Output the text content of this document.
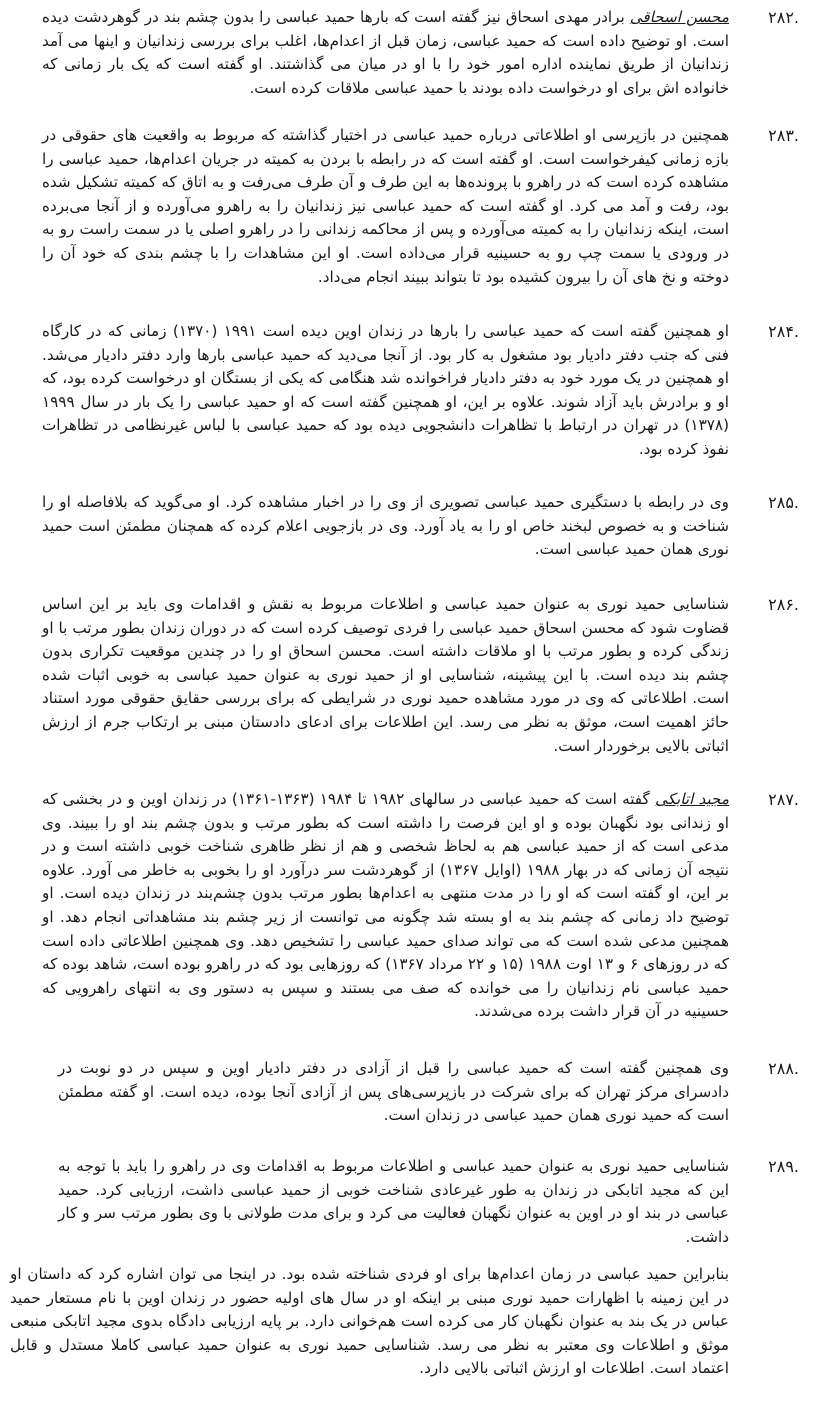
.۲۸۲

محسن اسحاقی برادر مهدی اسحاق نیز گفته است که بارها حمید عباسی را بدون چشم بند در گوهردشت دیده است. او توضیح داده است که حمید عباسی، زمان قبل از اعدام‌ها، اغلب برای بررسی زندانیان و اینها می آمد زندانیان از طریق نماینده اداره امور خود را با او در میان می گذاشتند. او گفته است که یک بار زمانی که خانواده اش برای او درخواست داده بودند با حمید عباسی ملاقات کرده است.

.۲۸۳

همچنین در بازپرسی او اطلاعاتی درباره حمید عباسی در اختیار گذاشته که مربوط به واقعیت های حقوقی در بازه زمانی کیفرخواست است. او گفته است که در رابطه با بردن به کمیته در جریان اعدام‌ها، حمید عباسی را مشاهده کرده است که در راهرو با پرونده‌ها به این طرف و آن طرف می‌رفت و به اتاق که کمیته تشکیل شده بود، رفت و آمد می کرد. او گفته است که حمید عباسی نیز زندانیان را به راهرو می‌آورده و از آنجا می‌برده است، اینکه زندانیان را به کمیته می‌آورده و پس از محاکمه زندانی را در راهرو اصلی یا در سمت راست رو به در ورودی یا سمت چپ رو به حسینیه قرار می‌داده است. او این مشاهدات را با چشم بندی که خود آن را دوخته و نخ های آن را بیرون کشیده بود تا بتواند ببیند انجام می‌داد.

.۲۸۴

او همچنین گفته است که حمید عباسی را بارها در زندان اوین دیده است ۱۹۹۱ (۱۳۷۰) زمانی که در کارگاه فنی که جنب دفتر دادیار بود مشغول به کار بود. از آنجا می‌دید که حمید عباسی بارها وارد دفتر دادیار می‌شد. او همچنین در یک مورد خود به دفتر دادیار فراخوانده شد هنگامی که یکی از بستگان او درخواست کرده بود، که او و برادرش باید آزاد شوند. علاوه بر این، او همچنین گفته است که او حمید عباسی را یک بار در سال ۱۹۹۹ (۱۳۷۸) در تهران در ارتباط با تظاهرات دانشجویی دیده بود که حمید عباسی با لباس غیرنظامی در تظاهرات نفوذ کرده بود.

.۲۸۵

وی در رابطه با دستگیری حمید عباسی تصویری از وی را در اخبار مشاهده کرد. او می‌گوید که بلافاصله او را شناخت و به خصوص لبخند خاص او را به یاد آورد. وی در بازجویی اعلام کرده که همچنان مطمئن است حمید نوری همان حمید عباسی است.

.۲۸۶

شناسایی حمید نوری به عنوان حمید عباسی و اطلاعات مربوط به نقش و اقدامات وی باید بر این اساس قضاوت شود که محسن اسحاق حمید عباسی را فردی توصیف کرده است که در دوران زندان بطور مرتب با او زندگی کرده و بطور مرتب با او ملاقات داشته است. محسن اسحاق او را در چندین موقعیت تکراری بدون چشم بند دیده است. با این پیشینه، شناسایی او از حمید نوری به عنوان حمید عباسی به خوبی اثبات شده است. اطلاعاتی که وی در مورد مشاهده حمید نوری در شرایطی که برای بررسی حقایق حقوقی مورد استناد حائز اهمیت است، موثق به نظر می رسد. این اطلاعات برای ادعای دادستان مبنی بر ارتکاب جرم از ارزش اثباتی بالایی برخوردار است.

.۲۸۷

مجید اتابکی گفته است که حمید عباسی در سالهای ۱۹۸۲ تا ۱۹۸۴ (۱۳۶۳-۱۳۶۱) در زندان اوین و در بخشی که او زندانی بود نگهبان بوده و او این فرصت را داشته است که بطور مرتب و بدون چشم بند او را ببیند. وی مدعی است که از حمید عباسی هم به لحاظ شخصی و هم از نظر ظاهری شناخت خوبی داشته است و در نتیجه آن زمانی که در بهار ۱۹۸۸ (اوایل ۱۳۶۷) از گوهردشت سر درآورد او را بخوبی به خاطر می آورد. علاوه بر این، او گفته است که او را در مدت منتهی به اعدام‌ها بطور مرتب بدون چشم‌بند در زندان دیده است. او توضیح داد زمانی که چشم بند به او بسته شد چگونه می توانست از زیر چشم بند مشاهداتی انجام دهد. او همچنین مدعی شده است که می تواند صدای حمید عباسی را تشخیص دهد. وی همچنین اطلاعاتی داده است که در روزهای ۶ و ۱۳ اوت ۱۹۸۸ (۱۵ و ۲۲ مرداد ۱۳۶۷) که روزهایی بود که در راهرو بوده است، شاهد بوده که حمید عباسی نام زندانیان را می خوانده که صف می بستند و سپس به دستور وی به انتهای راهرویی که حسینیه در آن قرار داشت برده می‌شدند.

.۲۸۸

وی همچنین گفته است که حمید عباسی را قبل از آزادی در دفتر دادیار اوین و سپس در دو نوبت در دادسرای مرکز تهران که برای شرکت در بازپرسی‌های پس از آزادی آنجا بوده، دیده است. او گفته مطمئن است که حمید نوری همان حمید عباسی در زندان است.

.۲۸۹

شناسایی حمید نوری به عنوان حمید عباسی و اطلاعات مربوط به اقدامات وی در راهرو را باید با توجه به این که مجید اتابکی در زندان به طور غیرعادی شناخت خوبی از حمید عباسی داشت، ارزیابی کرد. حمید عباسی در بند او در اوین به عنوان نگهبان فعالیت می کرد و برای مدت طولانی با وی بطور مرتب سر و کار داشت.

بنابراین حمید عباسی در زمان اعدام‌ها برای او فردی شناخته شده بود. در اینجا می توان اشاره کرد که داستان او در این زمینه با اظهارات حمید نوری مبنی بر اینکه او در سال های اولیه حضور در زندان اوین با نام مستعار حمید عباس در یک بند به عنوان نگهبان کار می کرده است هم‌خوانی دارد. بر پایه ارزیابی دادگاه بدوی مجید اتابکی منبعی موثق و اطلاعات وی معتبر به نظر می رسد. شناسایی حمید نوری به عنوان حمید عباسی کاملا مستدل و قابل اعتماد است. اطلاعات او ارزش اثباتی بالایی دارد.
